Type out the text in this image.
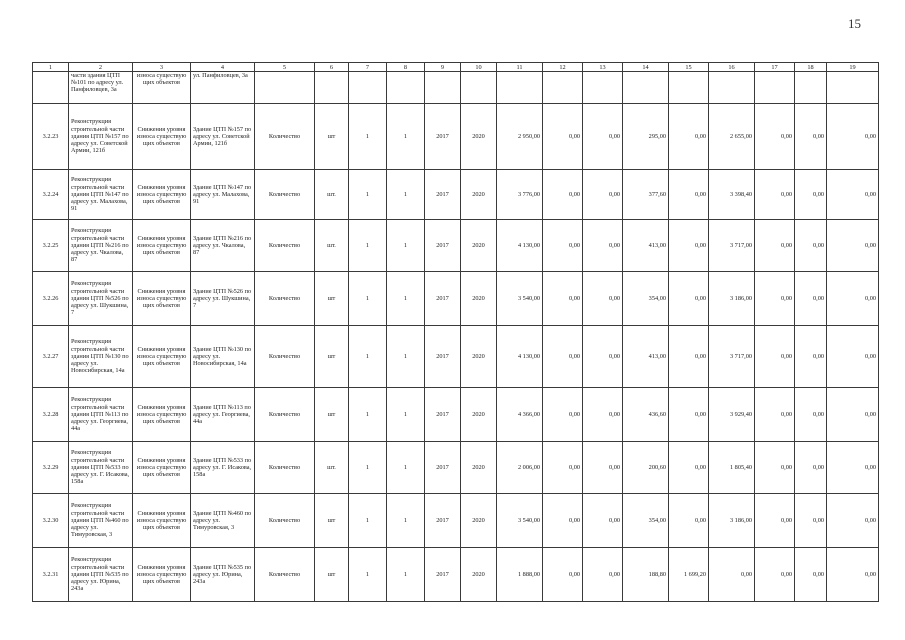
15
1	2	3	4	5	6	7	8	9	10	11	12	13	14	15	16	17	18	19
	части здания ЦТП №101 по адресу ул. Панфиловцев, 3а	износа существую щих объектов	ул. Панфиловцев, 3а															
3.2.23	Реконструкция строительной части здания ЦТП №157 по адресу ул. Советской Армии, 121б	Снижения уровня износа существую щих объектов	Здание ЦТП №157 по адресу ул. Советской Армии, 121б	Количество	шт	1	1	2017	2020	2 950,00	0,00	0,00	295,00	0,00	2 655,00	0,00	0,00	0,00
3.2.24	Реконструкция строительной части здания ЦТП №147 по адресу ул. Малахова, 91	Снижения уровня износа существую щих объектов	Здание ЦТП №147 по адресу ул. Малахова, 91	Количество	шт.	1	1	2017	2020	3 776,00	0,00	0,00	377,60	0,00	3 398,40	0,00	0,00	0,00
3.2.25	Реконструкция строительной части здания ЦТП №216 по адресу ул. Чкалова, 87	Снижения уровня износа существую щих объектов	Здание ЦТП №216 по адресу ул. Чкалова, 87	Количество	шт.	1	1	2017	2020	4 130,00	0,00	0,00	413,00	0,00	3 717,00	0,00	0,00	0,00
3.2.26	Реконструкция строительной части здания ЦТП №526 по адресу ул. Шукшина, 7	Снижения уровня износа существую щих объектов	Здание ЦТП №526 по адресу ул. Шукшина, 7	Количество	шт	1	1	2017	2020	3 540,00	0,00	0,00	354,00	0,00	3 186,00	0,00	0,00	0,00
3.2.27	Реконструкция строительной части здания ЦТП №130 по адресу ул. Новосибирская, 14а	Снижения уровня износа существую щих объектов	Здание ЦТП №130 по адресу ул. Новосибирская, 14а	Количество	шт	1	1	2017	2020	4 130,00	0,00	0,00	413,00	0,00	3 717,00	0,00	0,00	0,00
3.2.28	Реконструкция строительной части здания ЦТП №113 по адресу ул. Георгиева, 44а	Снижения уровня износа существую щих объектов	Здание ЦТП №113 по адресу ул. Георгиева, 44а	Количество	шт	1	1	2017	2020	4 366,00	0,00	0,00	436,60	0,00	3 929,40	0,00	0,00	0,00
3.2.29	Реконструкция строительной части здания ЦТП №533 по адресу ул. Г. Исакова, 158а	Снижения уровня износа существую щих объектов	Здание ЦТП №533 по адресу ул. Г. Исакова, 158а	Количество	шт.	1	1	2017	2020	2 006,00	0,00	0,00	200,60	0,00	1 805,40	0,00	0,00	0,00
3.2.30	Реконструкция строительной части здания ЦТП №460 по адресу ул. Тимуровская, 3	Снижения уровня износа существую щих объектов	Здание ЦТП №460 по адресу ул. Тимуровская, 3	Количество	шт	1	1	2017	2020	3 540,00	0,00	0,00	354,00	0,00	3 186,00	0,00	0,00	0,00
3.2.31	Реконструкция строительной части здания ЦТП №535 по адресу ул. Юрина, 243а	Снижения уровня износа существую щих объектов	Здание ЦТП №535 по адресу ул. Юрина, 243а	Количество	шт	1	1	2017	2020	1 888,00	0,00	0,00	188,80	1 699,20	0,00	0,00	0,00	0,00
